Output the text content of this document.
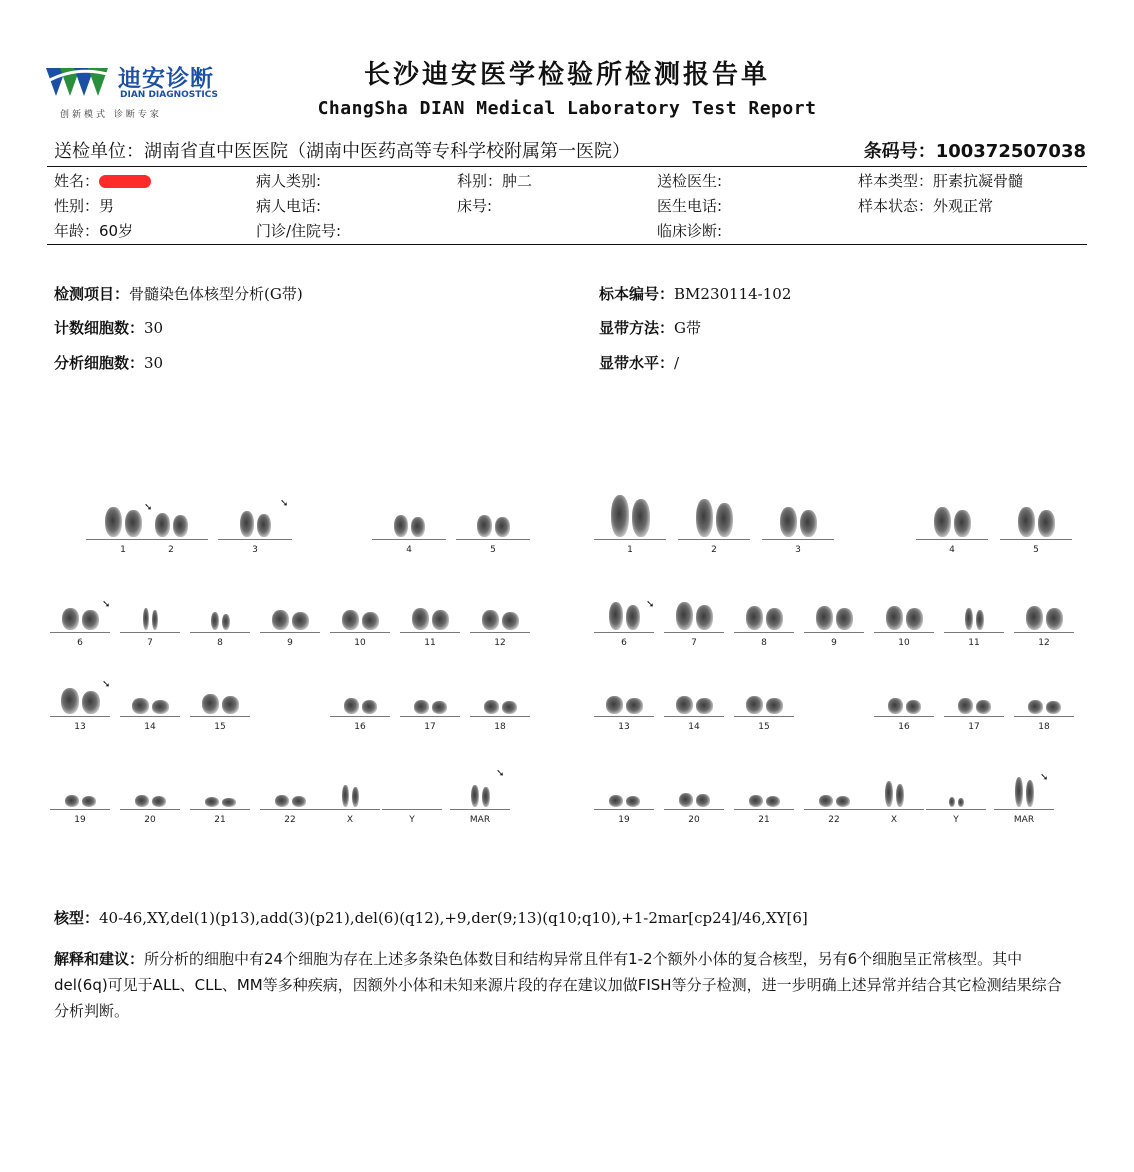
迪安诊断
DIAN DIAGNOSTICS
创新模式 诊断专家
长沙迪安医学检验所检测报告单
ChangSha DIAN Medical Laboratory Test Report
送检单位：湖南省直中医医院（湖南中医药高等专科学校附属第一医院）	条码号：100372507038
姓名：	病人类别:	科别：肿二	送检医生:	样本类型：肝素抗凝骨髓
性别：男	病人电话:	床号:	医生电话:	样本状态：外观正常
年龄：60岁	门诊/住院号:	临床诊断:
检测项目：骨髓染色体核型分析(G带)
计数细胞数：30
分析细胞数：30
标本编号：BM230114-102
显带方法：G带
显带水平：/
1
➘
2	3
➘
4	5
6
➘
7	8	9	10	11	12
13
➘
14	15	16	17	18
19	20	21	22	X	Y	MAR
➘
1	2	3	4	5
6
➘
7	8	9	10	11	12
13	14	15	16	17	18
19	20	21	22	X	Y	MAR
➘
核型：40-46,XY,del(1)(p13),add(3)(p21),del(6)(q12),+9,der(9;13)(q10;q10),+1-2mar[cp24]/46,XY[6]
解释和建议：所分析的细胞中有24个细胞为存在上述多条染色体数目和结构异常且伴有1-2个额外小体的复合核型，另有6个细胞呈正常核型。其中del(6q)可见于ALL、CLL、MM等多种疾病，因额外小体和未知来源片段的存在建议加做FISH等分子检测，进一步明确上述异常并结合其它检测结果综合分析判断。
